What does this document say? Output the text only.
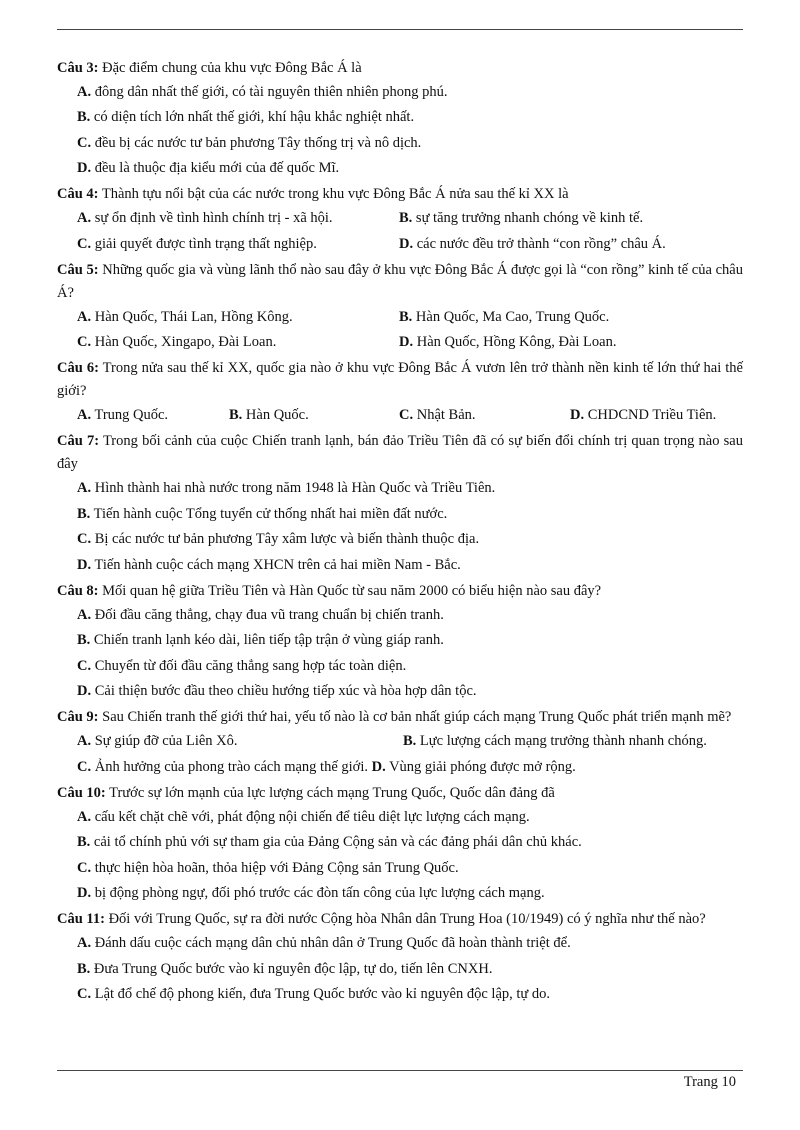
Câu 3: Đặc điểm chung của khu vực Đông Bắc Á là
A. đông dân nhất thế giới, có tài nguyên thiên nhiên phong phú.
B. có diện tích lớn nhất thế giới, khí hậu khắc nghiệt nhất.
C. đều bị các nước tư bản phương Tây thống trị và nô dịch.
D. đều là thuộc địa kiểu mới của đế quốc Mĩ.
Câu 4: Thành tựu nổi bật của các nước trong khu vực Đông Bắc Á nửa sau thế kỉ XX là
A. sự ổn định về tình hình chính trị - xã hội.	B. sự tăng trưởng nhanh chóng về kinh tế.
C. giải quyết được tình trạng thất nghiệp.	D. các nước đều trở thành “con rồng” châu Á.
Câu 5: Những quốc gia và vùng lãnh thổ nào sau đây ở khu vực Đông Bắc Á được gọi là “con rồng” kinh tế của châu Á?
A. Hàn Quốc, Thái Lan, Hồng Kông.	B. Hàn Quốc, Ma Cao, Trung Quốc.
C. Hàn Quốc, Xingapo, Đài Loan.	D. Hàn Quốc, Hồng Kông, Đài Loan.
Câu 6: Trong nửa sau thế kỉ XX, quốc gia nào ở khu vực Đông Bắc Á vươn lên trở thành nền kinh tế lớn thứ hai thế giới?
A. Trung Quốc.	B. Hàn Quốc.	C. Nhật Bản.	D. CHDCND Triều Tiên.
Câu 7: Trong bối cảnh của cuộc Chiến tranh lạnh, bán đảo Triều Tiên đã có sự biến đổi chính trị quan trọng nào sau đây
A. Hình thành hai nhà nước trong năm 1948 là Hàn Quốc và Triều Tiên.
B. Tiến hành cuộc Tổng tuyển cử thống nhất hai miền đất nước.
C. Bị các nước tư bản phương Tây xâm lược và biến thành thuộc địa.
D. Tiến hành cuộc cách mạng XHCN trên cả hai miền Nam - Bắc.
Câu 8: Mối quan hệ giữa Triều Tiên và Hàn Quốc từ sau năm 2000 có biểu hiện nào sau đây?
A. Đối đầu căng thẳng, chạy đua vũ trang chuẩn bị chiến tranh.
B. Chiến tranh lạnh kéo dài, liên tiếp tập trận ở vùng giáp ranh.
C. Chuyển từ đối đầu căng thẳng sang hợp tác toàn diện.
D. Cải thiện bước đầu theo chiều hướng tiếp xúc và hòa hợp dân tộc.
Câu 9: Sau Chiến tranh thế giới thứ hai, yếu tố nào là cơ bản nhất giúp cách mạng Trung Quốc phát triển mạnh mẽ?
A. Sự giúp đỡ của Liên Xô.	B. Lực lượng cách mạng trưởng thành nhanh chóng.
C. Ảnh hưởng của phong trào cách mạng thế giới. D. Vùng giải phóng được mở rộng.
Câu 10: Trước sự lớn mạnh của lực lượng cách mạng Trung Quốc, Quốc dân đảng đã
A. cấu kết chặt chẽ với, phát động nội chiến để tiêu diệt lực lượng cách mạng.
B. cải tổ chính phủ với sự tham gia của Đảng Cộng sản và các đảng phái dân chủ khác.
C. thực hiện hòa hoãn, thỏa hiệp với Đảng Cộng sản Trung Quốc.
D. bị động phòng ngự, đối phó trước các đòn tấn công của lực lượng cách mạng.
Câu 11: Đối với Trung Quốc, sự ra đời nước Cộng hòa Nhân dân Trung Hoa (10/1949) có ý nghĩa như thế nào?
A. Đánh dấu cuộc cách mạng dân chủ nhân dân ở Trung Quốc đã hoàn thành triệt để.
B. Đưa Trung Quốc bước vào kỉ nguyên độc lập, tự do, tiến lên CNXH.
C. Lật đổ chế độ phong kiến, đưa Trung Quốc bước vào kỉ nguyên độc lập, tự do.
Trang 10
